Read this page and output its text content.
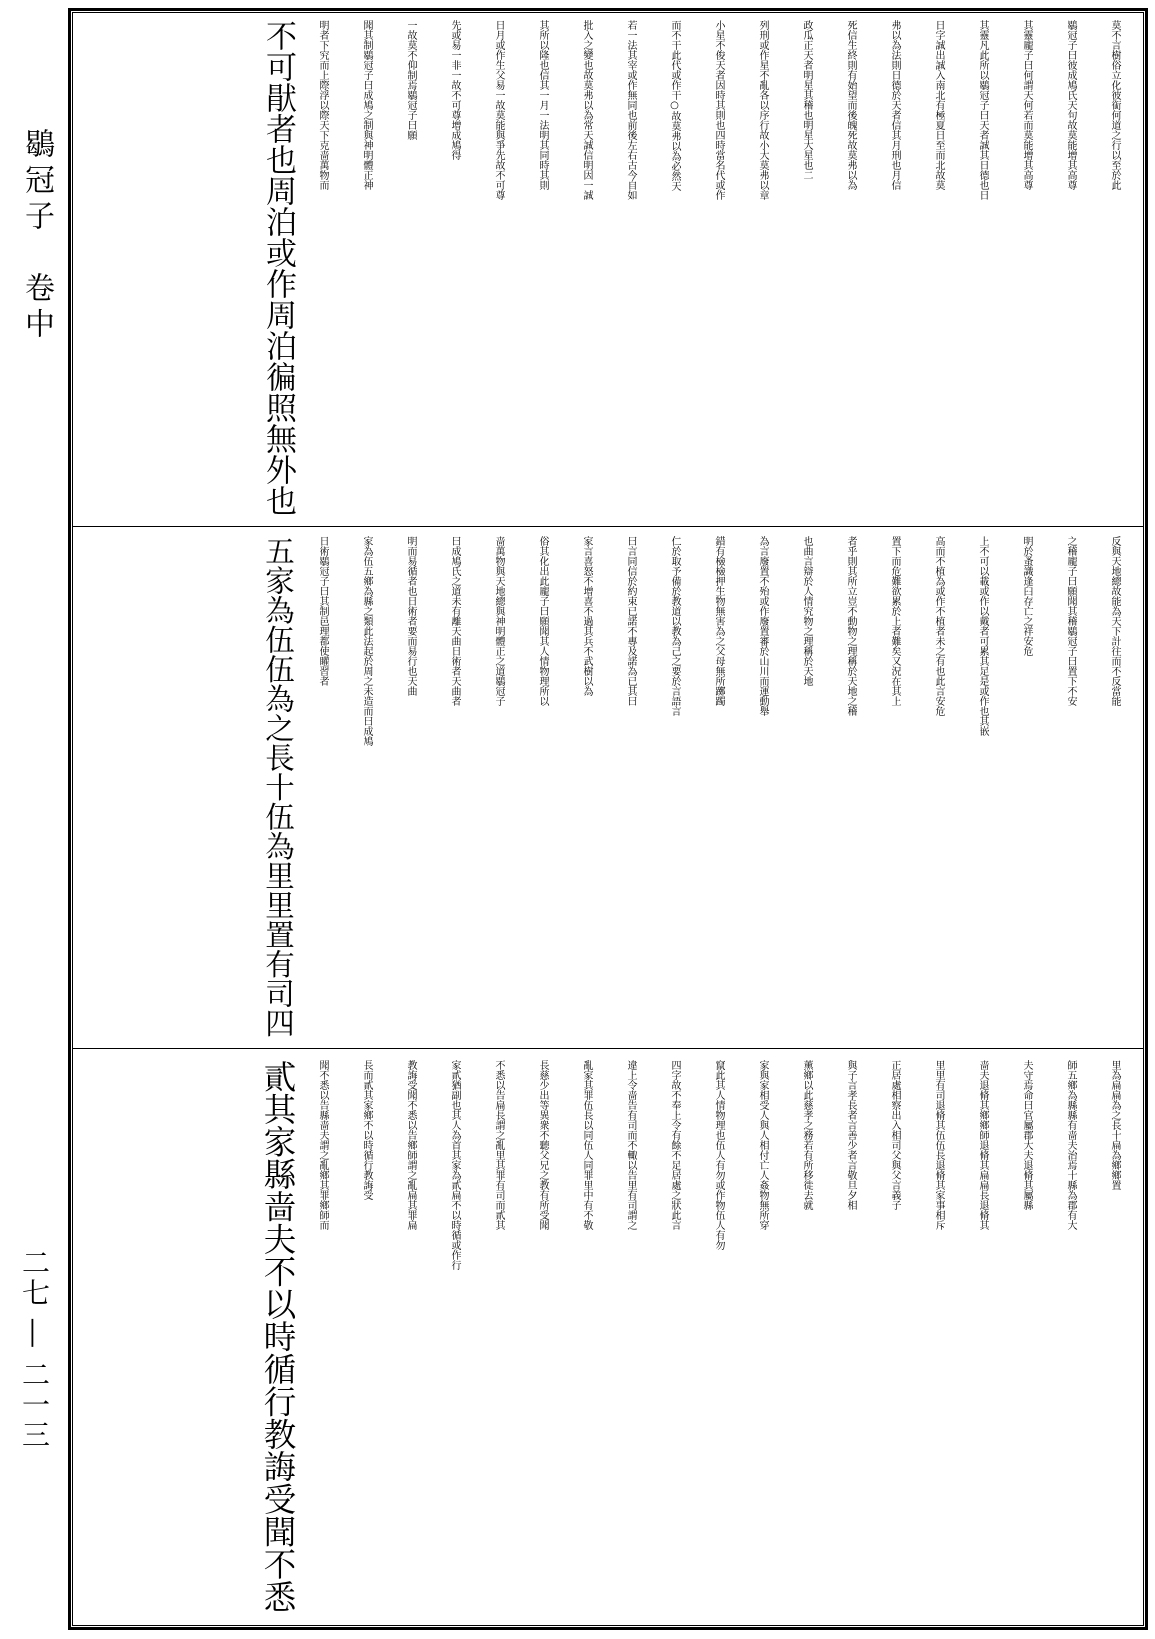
鶡冠子　卷中
二七 ― 二一三
莫不言樹俗立化彼䘖何道之行以至於此
鶡冠子曰彼成鳩氏天句故莫能增其高尊
其靈龐子曰何謂天何若而莫能增其高尊
其靈凡此所以鶡冠子曰天者誠其日德也日
日字誠出誠入南北有極夏日至而北故莫
弗以為法則日德於天者信其月刑也月信
死信生終則有始望而後魄死故莫弗以為
政瓜正天者明星其稽也明星大星也二
列刑或作星不亂各以序行故小大莫弗以章
小星不俊天者因時其則也四時當名代或作
而不干此代或作干○故莫弗以為必然天
若一法其宰或作無同也前後左右古今自如
批入之變也故莫弗以為常天誠信明因一誠
其所以隆也信其一月一法明其同時其則
日月或作生父易一故莫能與爭先故不可尊
先或易一非一故不可尊增成鳩得
一故莫不仰制焉鶡冠子曰願
聞其制鶡冠子曰成鳩之制與神明體正神
明者下究而上際浮以際天下克啬萬物而
不可猒者也周泊或作周泊徧照無外也
反與天地總故能為天下計往而不反當能
之稽龐子曰願聞其稽鶡冠子曰置下不安
明於蚤識逢臼存亡之祥安危
上不可以載或作以戴者可累其足是或作也其嵌
高而不植為或作不植者未之有也此言安危
置下而危難欲累於上者難矣又況在其上
者乎則其所立豈不動物之理稱於天地之稽
也曲言辯於人情究物之理稱於天地
為言廢置不殆或作廢置審於山川而運動舉
錯有檢檢押生物無害為之父母無所躑躅
仁於取予備於教道以教為己之要於言語言
曰言同信於約束已諾不專及諾為已其曰
家言喜怒不增喜不過其兵不武樹以為
俗其化出此龐子曰願聞其人情物理所以
啬萬物與天地總與神明體正之道鶡冠子
曰成鳩氏之道未有離天曲日術者天曲者
明而易循者也日術者要而易行也天曲
家為伍五鄉為縣之類此法起於周之未造而曰成鳩
日術鶡冠子曰其制邑理都使矔習者
五家為伍伍為之長十伍為里里置有司四
里為扁扁為之長十扁為鄉鄉置
師五鄉為縣縣有啬夫治焉十縣為郡有大
夫守焉命曰官屬郡大夫退脩其屬縣
啬夫退脩其鄉鄉師退脩其扁扁長退脩其
里里有司退脩其伍伍長退脩其家事相斥
正居處相察出入相司父與父言義子
與子言孝長者言善少者言敬旦夕相
薰鄉以此慈孝之務若有所移徙去就
家與家相受人與人相付亡人姦物無所穿
竄此其人情物理也伍人有勿或作物伍人有勿
四字故不奉上令有餘不足居處之狀此言
違上令啬告有司而不輙以告里有司謂之
亂家其罪伍長以同伍人同罪里中有不敬
長慈少出等異衆不聽父兄之教有所受聞
不悉以告扁長謂之亂里其罪有司而貳其
家貳猶副也其人為首其家為貳扁不以時循或作行
教誨受聞不悉以告鄉師謂之亂扁其罪扁
長而貳其家鄉不以時循行教誨受
聞不悉以告縣啬夫謂之亂鄉其罪鄉師而
貳其家縣啬夫不以時循行教誨受聞不悉
